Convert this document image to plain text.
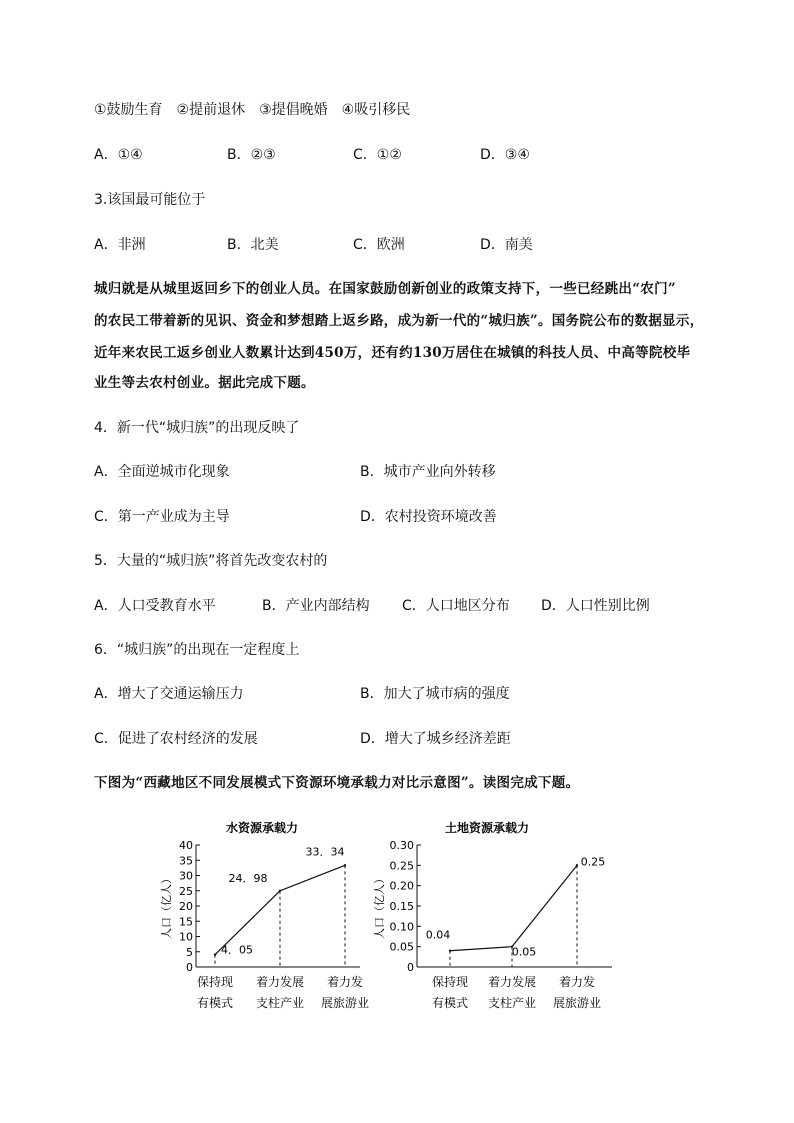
①鼓励生育　②提前退休　③提倡晚婚　④吸引移民
A．①④	B．②③	C．①②	D．③④
3.该国最可能位于
A．非洲	B．北美	C．欧洲	D．南美
城归就是从城里返回乡下的创业人员。在国家鼓励创新创业的政策支持下，一些已经跳出“农门”
的农民工带着新的见识、资金和梦想踏上返乡路，成为新一代的“城归族”。国务院公布的数据显示，
近年来农民工返乡创业人数累计达到450万，还有约130万居住在城镇的科技人员、中高等院校毕
业生等去农村创业。据此完成下题。
4．新一代“城归族”的出现反映了
A．全面逆城市化现象	B．城市产业向外转移
C．第一产业成为主导	D．农村投资环境改善
5．大量的“城归族”将首先改变农村的
A．人口受教育水平	B．产业内部结构 C．人口地区分布 D．人口性别比例
6．“城归族”的出现在一定程度上
A．增大了交通运输压力	B．加大了城市病的强度
C．促进了农村经济的发展	D．增大了城乡经济差距
下图为“西藏地区不同发展模式下资源环境承载力对比示意图”。读图完成下题。
水资源承载力
0
5
10
15
20
25
30
35
40
人口（亿人）
4．05
24．98
33．34
保持现
有模式
着力发展
支柱产业
着力发
展旅游业
土地资源承载力
0
0.05
0.10
0.15
0.20
0.25
0.30
人口（亿人）	0.04
0.05
0.25
保持现
有模式
着力发展
支柱产业
着力发
展旅游业
